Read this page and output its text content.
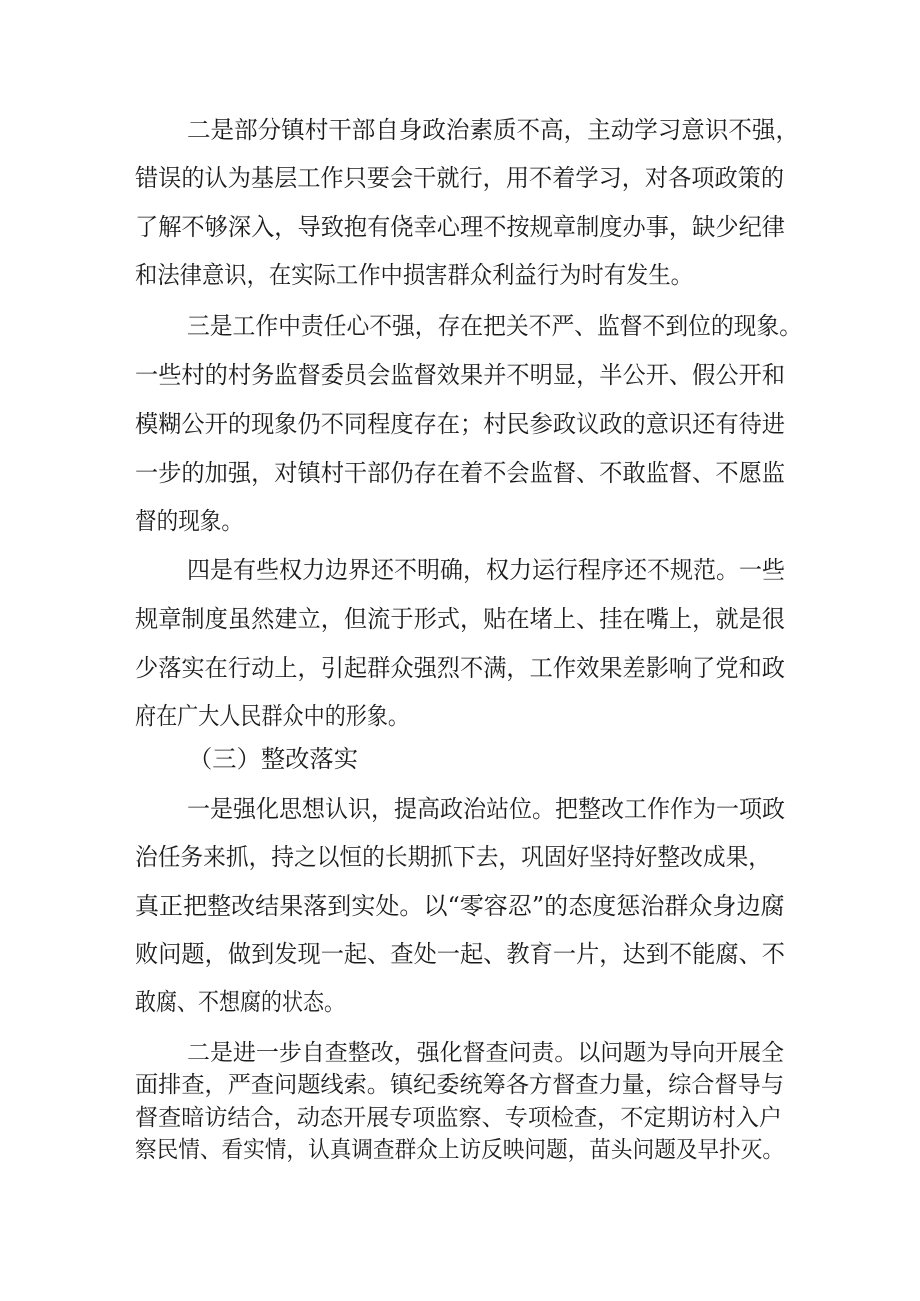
二是部分镇村干部自身政治素质不高，主动学习意识不强，
错误的认为基层工作只要会干就行，用不着学习，对各项政策的
了解不够深入，导致抱有侥幸心理不按规章制度办事，缺少纪律
和法律意识，在实际工作中损害群众利益行为时有发生。
三是工作中责任心不强，存在把关不严、监督不到位的现象。
一些村的村务监督委员会监督效果并不明显，半公开、假公开和
模糊公开的现象仍不同程度存在；村民参政议政的意识还有待进
一步的加强，对镇村干部仍存在着不会监督、不敢监督、不愿监
督的现象。
四是有些权力边界还不明确，权力运行程序还不规范。一些
规章制度虽然建立，但流于形式，贴在堵上、挂在嘴上，就是很
少落实在行动上，引起群众强烈不满，工作效果差影响了党和政
府在广大人民群众中的形象。
（三）整改落实
一是强化思想认识，提高政治站位。把整改工作作为一项政
治任务来抓，持之以恒的长期抓下去，巩固好坚持好整改成果，
真正把整改结果落到实处。以“零容忍”的态度惩治群众身边腐
败问题，做到发现一起、查处一起、教育一片，达到不能腐、不
敢腐、不想腐的状态。
二是进一步自查整改，强化督查问责。以问题为导向开展全
面排查，严查问题线索。镇纪委统筹各方督查力量，综合督导与
督查暗访结合，动态开展专项监察、专项检查，不定期访村入户
察民情、看实情，认真调查群众上访反映问题，苗头问题及早扑灭。
